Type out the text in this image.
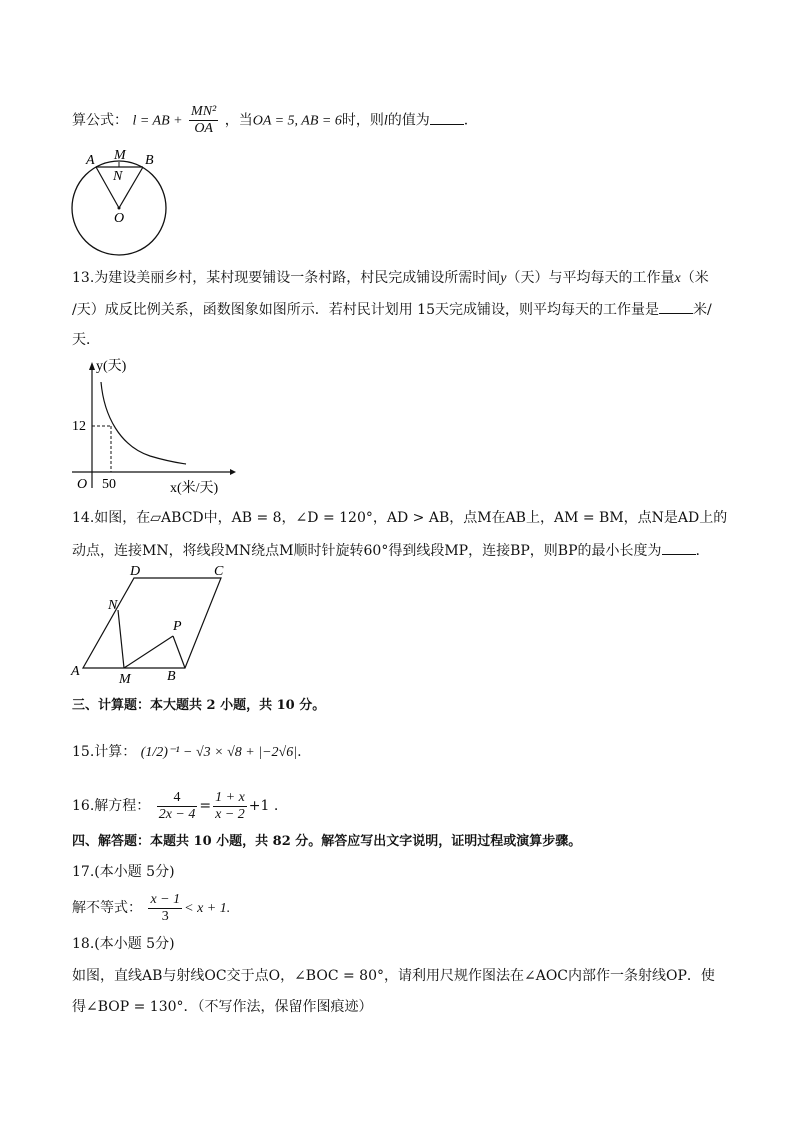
算公式： l = AB + $\frac{\text{MN²}}{OA}$ ，当OA = 5, AB = 6时，则l的值为 .
A M B
N
O
13.为建设美丽乡村，某村现要铺设一条村路，村民完成铺设所需时间y（天）与平均每天的工作量x（米
/天）成反比例关系，函数图象如图所示．若村民计划用 15天完成铺设，则平均每天的工作量是 米/
天．
y(天)
12
O 50	x(米/天)
14.如图，在▱ABCD中，AB = 8，∠D = 120°，AD > AB，点M在AB上，AM = BM，点N是AD上的
动点，连接MN，将线段MN绕点M顺时针旋转60°得到线段MP，连接BP，则BP的最小长度为 .
D	C
N
P
A
M	B
三、计算题：本大题共 2 小题，共 10 分。
15.计算： (1/2)⁻¹ − √3 × √8 + |−2√6|.
16.解方程： $\frac{4}{2x - 4} = \frac{1 + x}{x - 2} +1$ .
四、解答题：本题共 10 小题，共 82 分。解答应写出文字说明，证明过程或演算步骤。
17.(本小题 5分)
解不等式： $\frac{x - 1}{3} < x + 1$.
18.(本小题 5分)
如图，直线AB与射线OC交于点O，∠BOC = 80°，请利用尺规作图法在∠AOC内部作一条射线OP．使
得∠BOP = 130°．（不写作法，保留作图痕迹）
